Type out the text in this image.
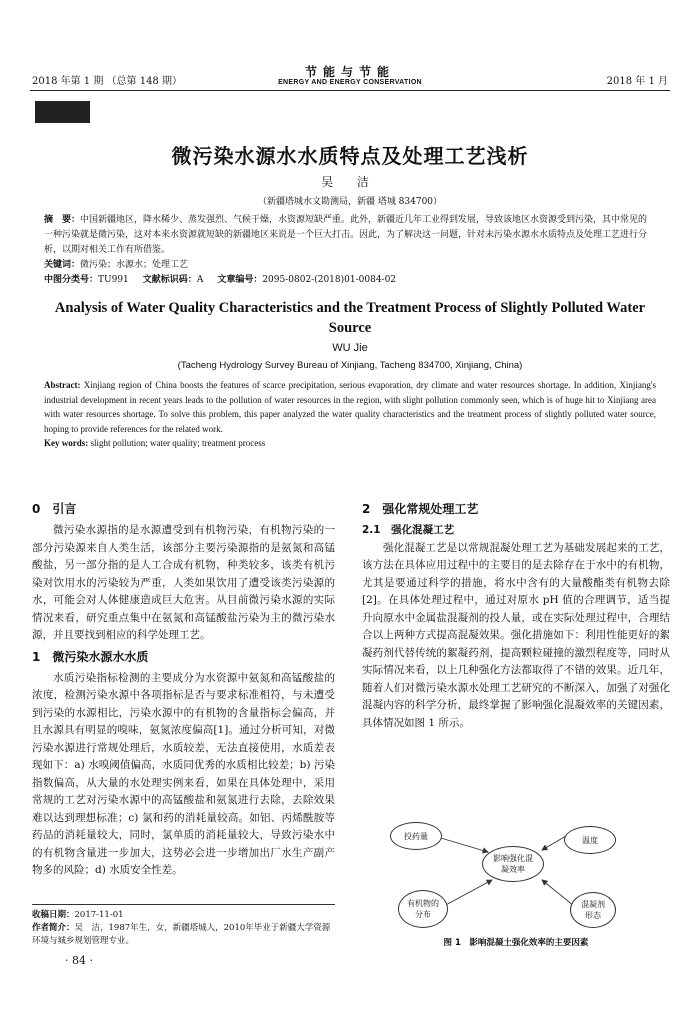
2018 年第 1 期 （总第 148 期）
节能与节能
ENERGY AND ENERGY CONSERVATION	2018 年 1 月
微污染水源水水质特点及处理工艺浅析
吴 洁
（新疆塔城水文勘测局，新疆 塔城 834700）

摘　要：中国新疆地区，降水稀少、蒸发强烈、气候干燥，水资源短缺严重。此外，新疆近几年工业得到发展，导致该地区水资源受到污染，其中常见的一种污染就是微污染，这对本来水资源就短缺的新疆地区来说是一个巨大打击。因此，为了解决这一问题，针对未污染水源水水质特点及处理工艺进行分析，以期对相关工作有所借鉴。

关键词：微污染；水源水；处理工艺

中图分类号：TU991 文献标识码：A 文章编号：2095-0802-(2018)01-0084-02

Analysis of Water Quality Characteristics and the Treatment Process of Slightly Polluted Water Source
WU Jie
(Tacheng Hydrology Survey Bureau of Xinjiang, Tacheng 834700, Xinjiang, China)

Abstract: Xinjiang region of China boosts the features of scarce precipitation, serious evaporation, dry climate and water resources shortage. In addition, Xinjiang's industrial development in recent years leads to the pollution of water resources in the region, with slight pollution commonly seen, which is of huge hit to Xinjiang area with water resources shortage. To solve this problem, this paper analyzed the water quality characteristics and the treatment process of slightly polluted water source, hoping to provide references for the related work.

Key words: slight pollution; water quality; treatment process

0　引言

微污染水源指的是水源遭受到有机物污染，有机物污染的一部分污染源来自人类生活，该部分主要污染源指的是氨氮和高锰酸盐，另一部分指的是人工合成有机物，种类较多，该类有机污染对饮用水的污染较为严重，人类如果饮用了遭受该类污染源的水，可能会对人体健康造成巨大危害。从目前微污染水源的实际情况来看，研究重点集中在氨氮和高锰酸盐污染为主的微污染水源，并且要找到相应的科学处理工艺。

1　微污染水源水水质

水质污染指标检测的主要成分为水资源中氨氮和高锰酸盐的浓度，检测污染水源中各项指标是否与要求标准相符，与未遭受到污染的水源相比，污染水源中的有机物的含量指标会偏高，并且水源具有明显的嗅味，氨氮浓度偏高[1]。通过分析可知，对微污染水源进行常规处理后，水质较差，无法直接使用，水质差表现如下：a) 水嗅阈值偏高，水质同优秀的水质相比较差；b) 污染指数偏高，从大量的水处理实例来看，如果在具体处理中，采用常规的工艺对污染水源中的高锰酸盐和氨氮进行去除，去除效果难以达到理想标准；c) 氯和药的消耗量较高。如铝、丙烯酰胺等药品的消耗量较大，同时，氯单质的消耗量较大，导致污染水中的有机物含量进一步加大，这势必会进一步增加出厂水生产副产物多的风险；d) 水质安全性差。

收稿日期：2017-11-01

作者简介：吴　洁，1987年生，女，新疆塔城人，2010年毕业于新疆大学资源环境与城乡规划管理专业。

· 84 ·
2　强化常规处理工艺
2.1　强化混凝工艺

强化混凝工艺是以常规混凝处理工艺为基础发展起来的工艺，该方法在具体应用过程中的主要目的是去除存在于水中的有机物，尤其是要通过科学的措施，将水中含有的大量酸酯类有机物去除[2]。在具体处理过程中，通过对原水 pH 值的合理调节，适当提升向原水中金属盐混凝剂的投人量，或在实际处理过程中，合理结合以上两种方式提高混凝效果。强化措施如下：利用性能更好的絮凝药剂代替传统的絮凝药剂，提高颗粒碰撞的激烈程度等，同时从实际情况来看，以上几种强化方法都取得了不错的效果。近几年，随着人们对微污染水源水处理工艺研究的不断深入，加强了对强化混凝内容的科学分析，最终掌握了影响强化混凝效率的关键因素，具体情况如图 1 所示。

投药量	温度
影响强化混凝效率
有机物的分布
混凝剂形态
图 1　影响混凝土强化效率的主要因素
